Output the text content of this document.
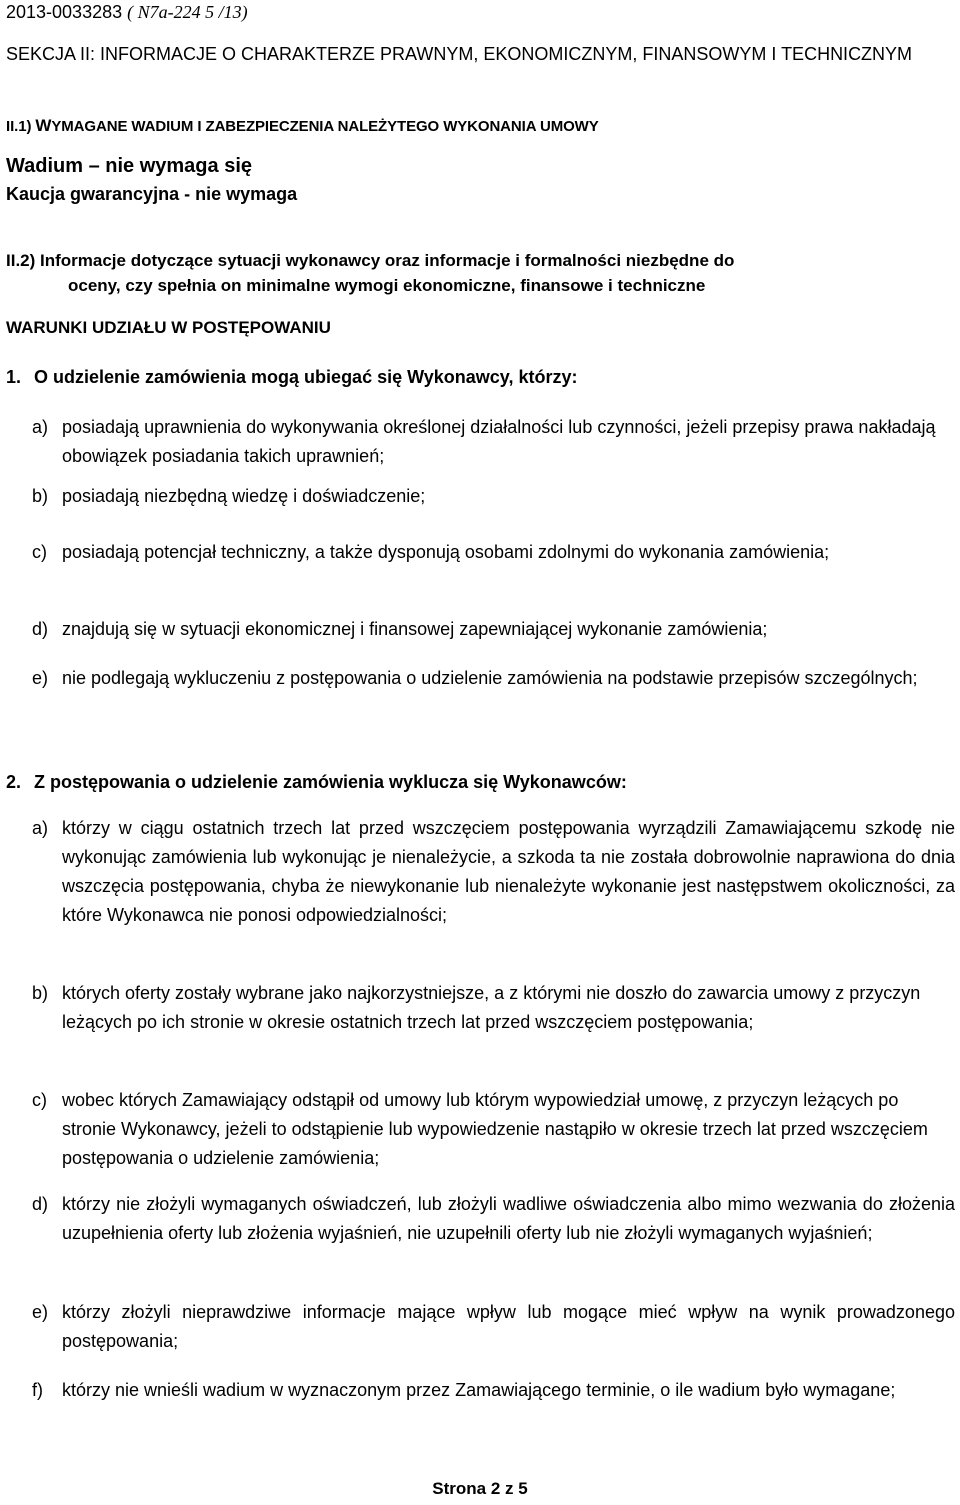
2013-0033283 ( N7a-224 5 /13)
SEKCJA II: INFORMACJE O CHARAKTERZE PRAWNYM, EKONOMICZNYM, FINANSOWYM I TECHNICZNYM
II.1) WYMAGANE WADIUM I ZABEZPIECZENIA NALEŻYTEGO WYKONANIA UMOWY
Wadium – nie wymaga się
Kaucja gwarancyjna - nie wymaga
II.2) Informacje dotyczące sytuacji wykonawcy oraz informacje i formalności niezbędne do
oceny, czy spełnia on minimalne wymogi ekonomiczne, finansowe i techniczne
WARUNKI UDZIAŁU W POSTĘPOWANIU
1. O udzielenie zamówienia mogą ubiegać się Wykonawcy, którzy:
a) posiadają uprawnienia do wykonywania określonej działalności lub czynności, jeżeli przepisy prawa nakładają obowiązek posiadania takich uprawnień;
b) posiadają niezbędną wiedzę i doświadczenie;
c) posiadają potencjał techniczny, a także dysponują osobami zdolnymi do wykonania zamówienia;
d) znajdują się w sytuacji ekonomicznej i finansowej zapewniającej wykonanie zamówienia;
e) nie podlegają wykluczeniu z postępowania o udzielenie zamówienia na podstawie przepisów szczególnych;
2. Z postępowania o udzielenie zamówienia wyklucza się Wykonawców:
a) którzy w ciągu ostatnich trzech lat przed wszczęciem postępowania wyrządzili Zamawiającemu szkodę nie wykonując zamówienia lub wykonując je nienależycie, a szkoda ta nie została dobrowolnie naprawiona do dnia wszczęcia postępowania, chyba że niewykonanie lub nienależyte wykonanie jest następstwem okoliczności, za które Wykonawca nie ponosi odpowiedzialności;
b) których oferty zostały wybrane jako najkorzystniejsze, a z którymi nie doszło do zawarcia umowy z przyczyn leżących po ich stronie w okresie ostatnich trzech lat przed wszczęciem postępowania;
c) wobec których Zamawiający odstąpił od umowy lub którym wypowiedział umowę, z przyczyn leżących po stronie Wykonawcy, jeżeli to odstąpienie lub wypowiedzenie nastąpiło w okresie trzech lat przed wszczęciem postępowania o udzielenie zamówienia;
d) którzy nie złożyli wymaganych oświadczeń, lub złożyli wadliwe oświadczenia albo mimo wezwania do złożenia uzupełnienia oferty lub złożenia wyjaśnień, nie uzupełnili oferty lub nie złożyli wymaganych wyjaśnień;
e) którzy złożyli nieprawdziwe informacje mające wpływ lub mogące mieć wpływ na wynik prowadzonego postępowania;
f) którzy nie wnieśli wadium w wyznaczonym przez Zamawiającego terminie, o ile wadium było wymagane;
Strona 2 z 5
